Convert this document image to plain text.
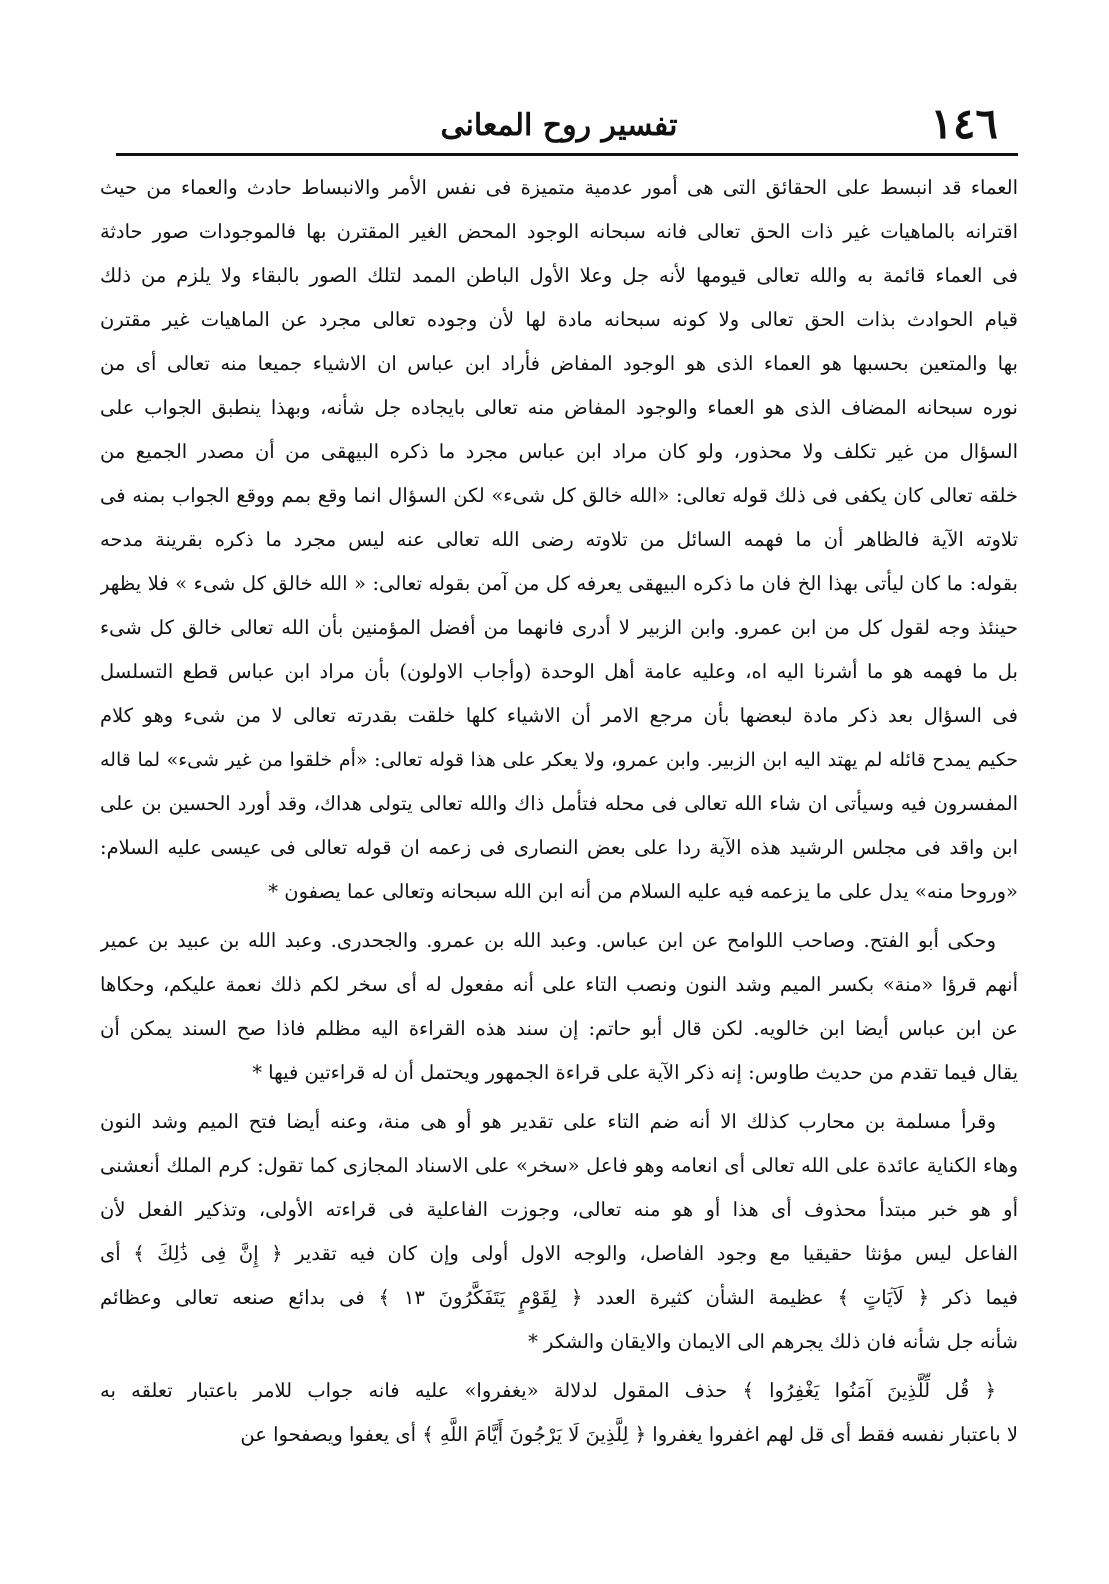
١٤٦
تفسير روح المعانى
العماء قد انبسط على الحقائق التى هى أمور عدمية متميزة فى نفس الأمر والانبساط حادث والعماء من حيث
اقترانه بالماهيات غير ذات الحق تعالى فانه سبحانه الوجود المحض الغير المقترن بها فالموجودات صور حادثة
فى العماء قائمة به والله تعالى قيومها لأنه جل وعلا الأول الباطن الممد لتلك الصور بالبقاء ولا يلزم من ذلك
قيام الحوادث بذات الحق تعالى ولا كونه سبحانه مادة لها لأن وجوده تعالى مجرد عن الماهيات غير مقترن
بها والمتعين بحسبها هو العماء الذى هو الوجود المفاض فأراد ابن عباس ان الاشياء جميعا منه تعالى أى من
نوره سبحانه المضاف الذى هو العماء والوجود المفاض منه تعالى بايجاده جل شأنه، وبهذا ينطبق الجواب على
السؤال من غير تكلف ولا محذور، ولو كان مراد ابن عباس مجرد ما ذكره البيهقى من أن مصدر الجميع من
خلقه تعالى كان يكفى فى ذلك قوله تعالى: «الله خالق كل شىء» لكن السؤال انما وقع بمم ووقع الجواب بمنه فى
تلاوته الآية فالظاهر أن ما فهمه السائل من تلاوته رضى الله تعالى عنه ليس مجرد ما ذكره بقرينة مدحه
بقوله: ما كان ليأتى بهذا الخ فان ما ذكره البيهقى يعرفه كل من آمن بقوله تعالى: « الله خالق كل شىء » فلا يظهر
حينئذ وجه لقول كل من ابن عمرو. وابن الزبير لا أدرى فانهما من أفضل المؤمنين بأن الله تعالى خالق كل شىء
بل ما فهمه هو ما أشرنا اليه اه، وعليه عامة أهل الوحدة (وأجاب الاولون) بأن مراد ابن عباس قطع التسلسل
فى السؤال بعد ذكر مادة لبعضها بأن مرجع الامر أن الاشياء كلها خلقت بقدرته تعالى لا من شىء وهو كلام
حكيم يمدح قائله لم يهتد اليه ابن الزبير. وابن عمرو، ولا يعكر على هذا قوله تعالى: «أم خلقوا من غير شىء» لما قاله
المفسرون فيه وسيأتى ان شاء الله تعالى فى محله فتأمل ذاك والله تعالى يتولى هداك، وقد أورد الحسين بن على
ابن واقد فى مجلس الرشيد هذه الآية ردا على بعض النصارى فى زعمه ان قوله تعالى فى عيسى عليه السلام:
«وروحا منه» يدل على ما يزعمه فيه عليه السلام من أنه ابن الله سبحانه وتعالى عما يصفون *
وحكى أبو الفتح. وصاحب اللوامح عن ابن عباس. وعبد الله بن عمرو. والجحدرى. وعبد الله بن عبيد بن عمير
أنهم قرؤا «منة» بكسر الميم وشد النون ونصب التاء على أنه مفعول له أى سخر لكم ذلك نعمة عليكم، وحكاها
عن ابن عباس أيضا ابن خالويه. لكن قال أبو حاتم: إن سند هذه القراءة اليه مظلم فاذا صح السند يمكن أن
يقال فيما تقدم من حديث طاوس: إنه ذكر الآية على قراءة الجمهور ويحتمل أن له قراءتين فيها *
وقرأ مسلمة بن محارب كذلك الا أنه ضم التاء على تقدير هو أو هى منة، وعنه أيضا فتح الميم وشد النون
وهاء الكناية عائدة على الله تعالى أى انعامه وهو فاعل «سخر» على الاسناد المجازى كما تقول: كرم الملك أنعشنى
أو هو خبر مبتدأ محذوف أى هذا أو هو منه تعالى، وجوزت الفاعلية فى قراءته الأولى، وتذكير الفعل لأن
الفاعل ليس مؤنثا حقيقيا مع وجود الفاصل، والوجه الاول أولى وإن كان فيه تقدير ﴿ إِنَّ فِى ذَٰلِكَ ﴾ أى
فيما ذكر ﴿ لَآيَاتٍ ﴾ عظيمة الشأن كثيرة العدد ﴿ لِقَوْمٍ يَتَفَكَّرُونَ ١٣ ﴾ فى بدائع صنعه تعالى وعظائم
شأنه جل شأنه فان ذلك يجرهم الى الايمان والايقان والشكر *
﴿ قُل لِّلَّذِينَ آمَنُوا يَغْفِرُوا ﴾ حذف المقول لدلالة «يغفروا» عليه فانه جواب للامر باعتبار تعلقه به
لا باعتبار نفسه فقط أى قل لهم اغفروا يغفروا ﴿ لِلَّذِينَ لَا يَرْجُونَ أَيَّامَ اللَّهِ ﴾ أى يعفوا ويصفحوا عن
